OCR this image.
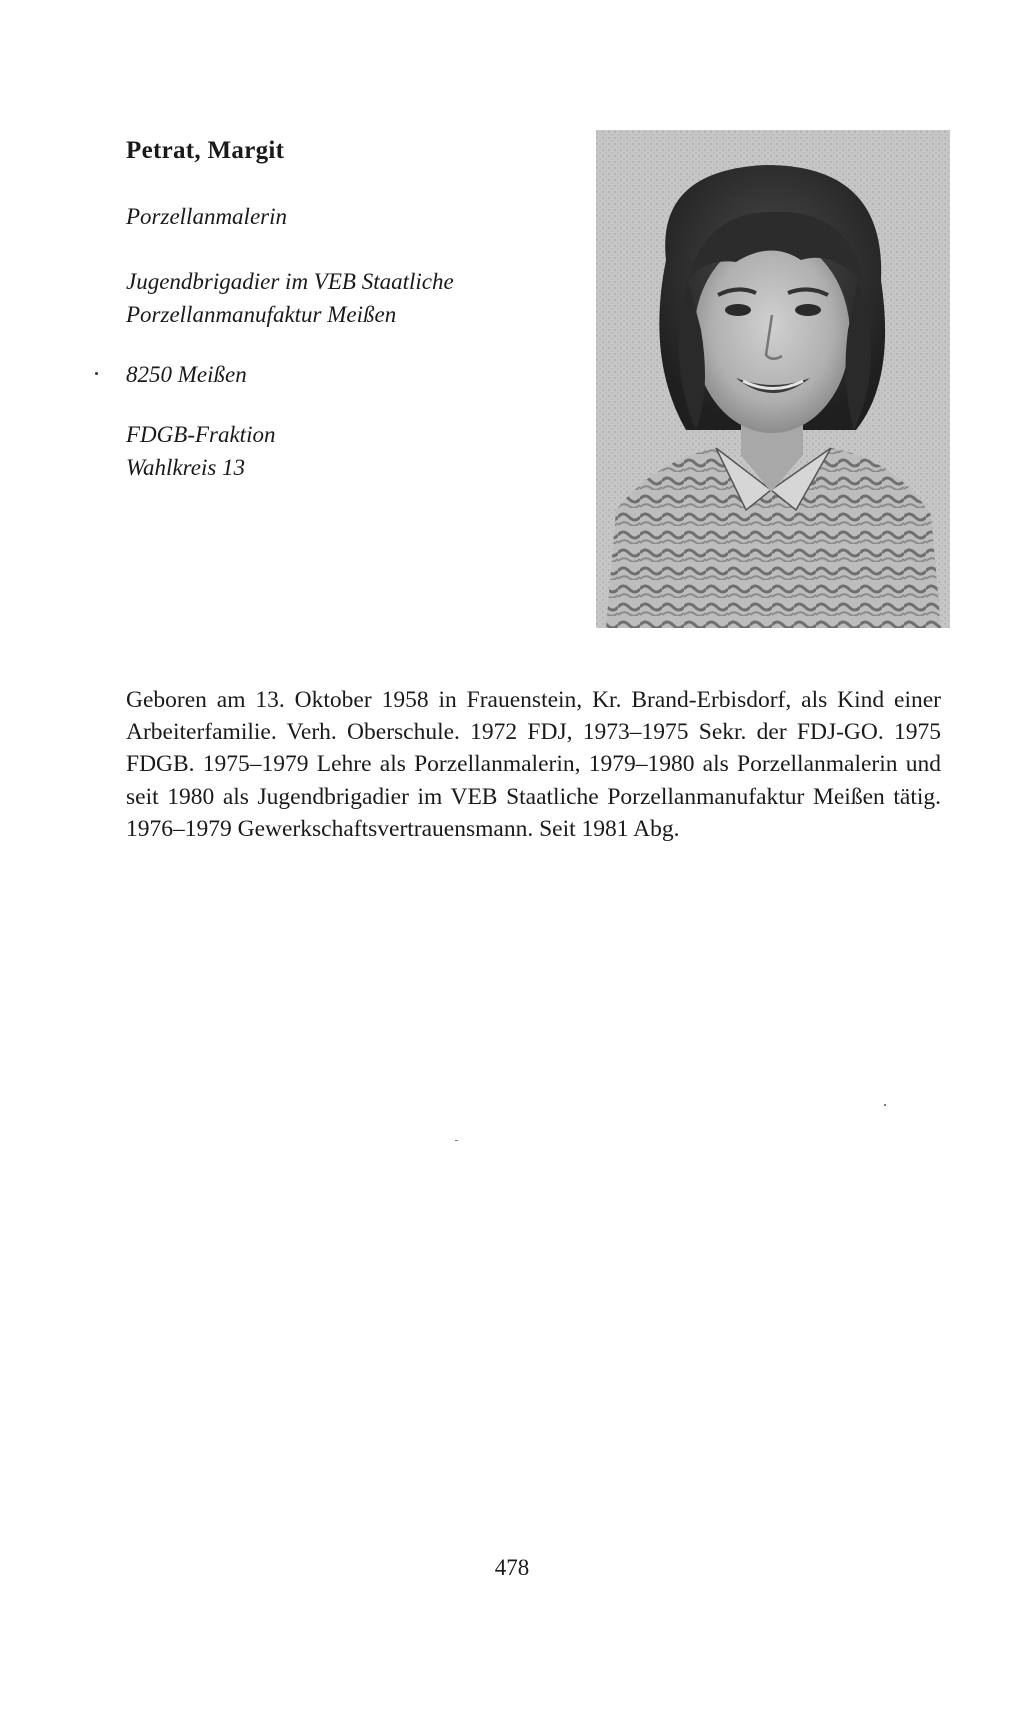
Petrat, Margit
Porzellanmalerin
Jugendbrigadier im VEB Staatliche
Porzellanmanufaktur Meißen
8250 Meißen
FDGB-Fraktion
Wahlkreis 13
Geboren am 13. Oktober 1958 in Frauenstein, Kr. Brand-Erbisdorf, als Kind einer Arbeiterfamilie. Verh. Oberschule. 1972 FDJ, 1973–1975 Sekr. der FDJ-GO. 1975 FDGB. 1975–1979 Lehre als Porzellanmalerin, 1979–1980 als Porzellanmalerin und seit 1980 als Jugendbrigadier im VEB Staatliche Porzellanmanufaktur Meißen tätig. 1976–1979 Gewerkschaftsvertrauensmann. Seit 1981 Abg.
478
